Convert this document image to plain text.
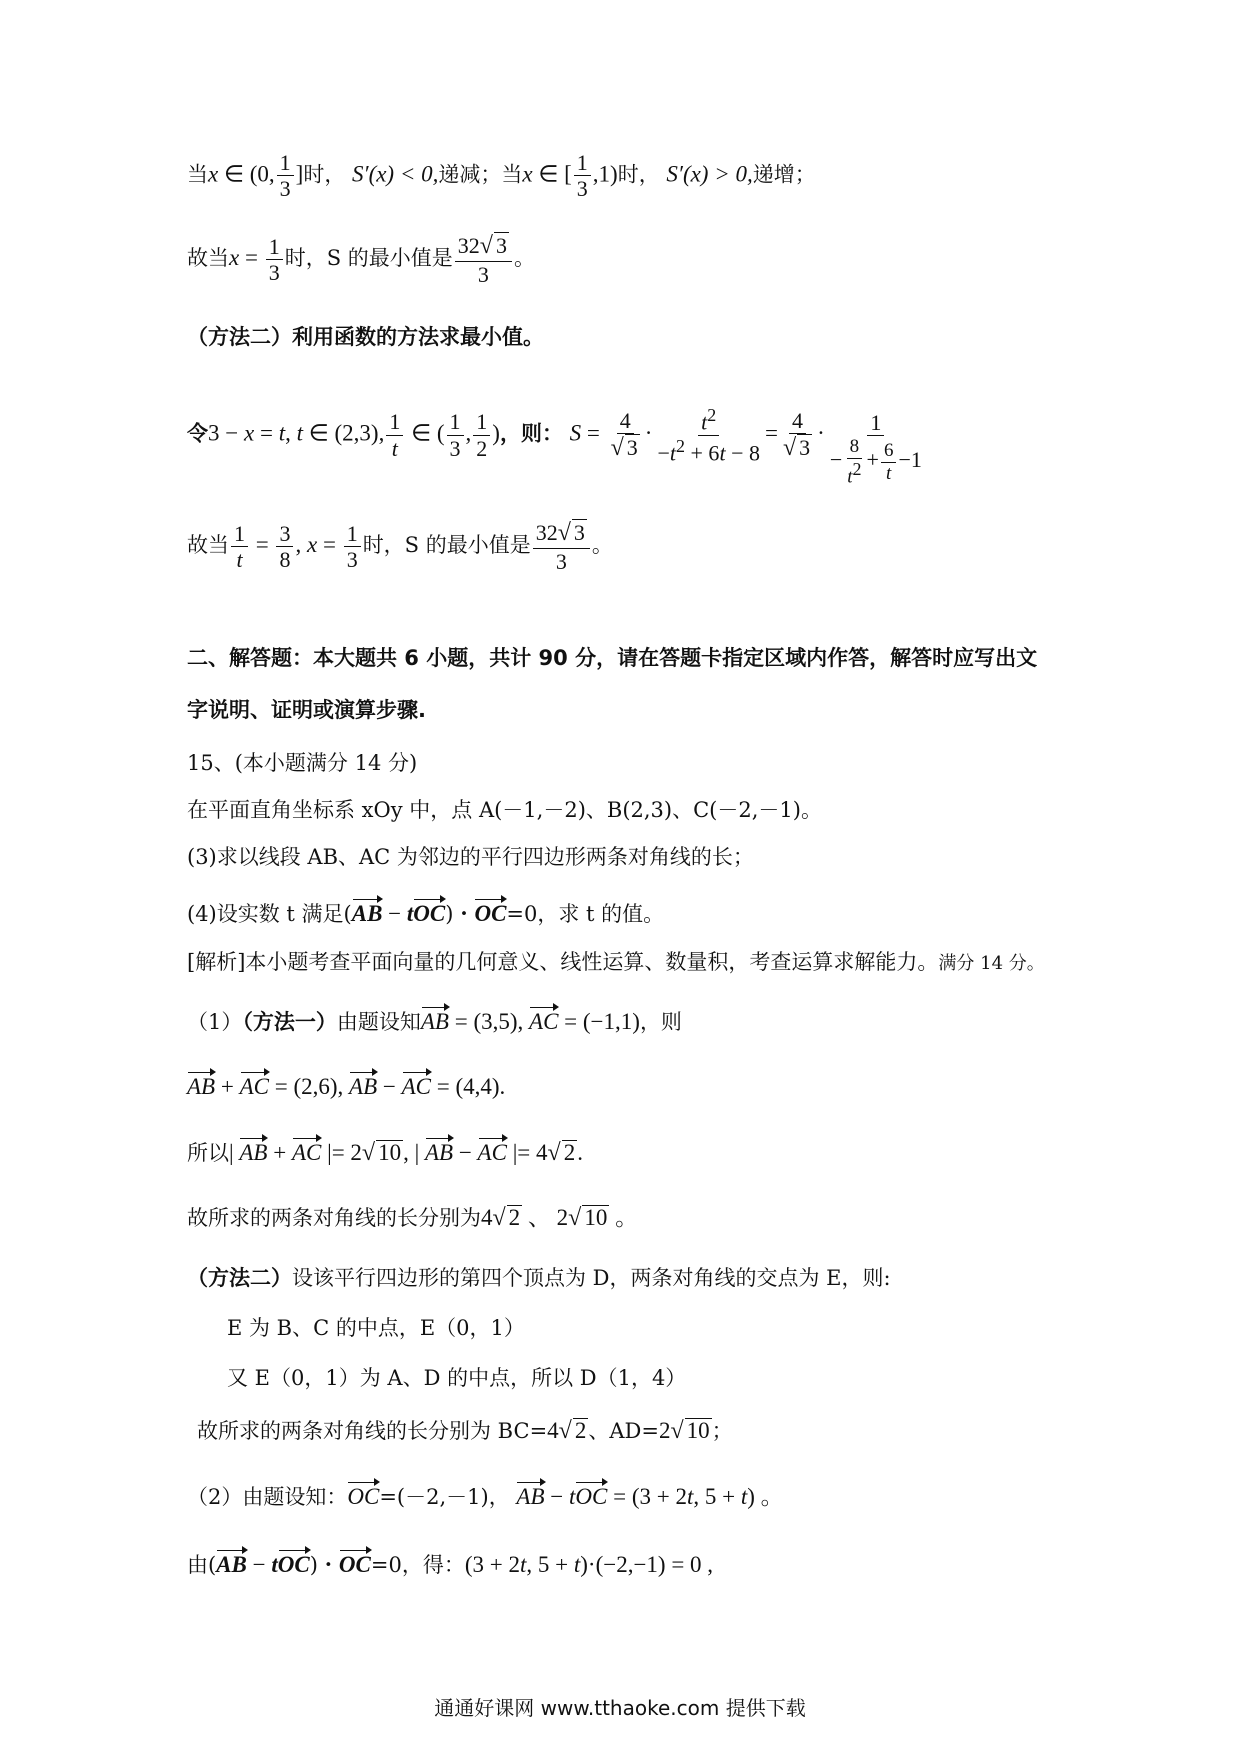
当x ∈ (0, $\frac{1}{3}$ ]时， S′(x) < 0,递减；当x ∈ [ $\frac{1}{3} ,1$)时， S′(x) > 0,递增；
故当$x = \frac{1}{3}$ 时，S 的最小值是 $\frac{32√ 3}{3}$ 。
（方法二）利用函数的方法求最小值。
令3 − x = t, t ∈ (2,3), $\frac{1}{t}$ ∈ ( $\frac{1}{3}$ , $\frac{1}{2}$ )，则： $S = \frac{4}{√ 3} \cdot \frac{t^2}{-t^2 + 6t - 8} = \frac{4}{√ 3} \cdot \frac{1}{- \frac{8}{t^2} + \frac{6}{t} -1}$
故当 $\frac{1}{t} = \frac{3}{8}$ , $x = \frac{1}{3}$ 时，S 的最小值是 $\frac{32√ 3}{3}$ 。
二、解答题：本大题共 6 小题，共计 90 分，请在答题卡指定区域内作答，解答时应写出文
字说明、证明或演算步骤.
15、(本小题满分 14 分)
在平面直角坐标系 xOy 中，点 A(－1,－2)、B(2,3)、C(－2,－1)。
(3)求以线段 AB、AC 为邻边的平行四边形两条对角线的长；
(4)设实数 t 满足(AB − tOC)・OC=0，求 t 的值。
[解析]本小题考查平面向量的几何意义、线性运算、数量积，考查运算求解能力。满分 14 分。
（1）（方法一）由题设知AB = (3,5), AC = (−1,1)，则
AB + AC = (2,6), AB − AC = (4,4).
所以| AB + AC |= 2√ 10, | AB − AC |= 4√ 2.
故所求的两条对角线的长分别为4√ 2 、 2√ 10 。
（方法二）设该平行四边形的第四个顶点为 D，两条对角线的交点为 E，则:
E 为 B、C 的中点，E（0，1）
又 E（0，1）为 A、D 的中点，所以 D（1，4）
故所求的两条对角线的长分别为 BC=4√ 2、AD=2√ 10；
（2）由题设知：OC=(－2,－1)， AB − tOC = (3 + 2t, 5 + t) 。
由(AB − tOC)・OC=0，得：(3 + 2t, 5 + t)·(−2,−1) = 0 ,
通通好课网 www.tthaoke.com 提供下载
